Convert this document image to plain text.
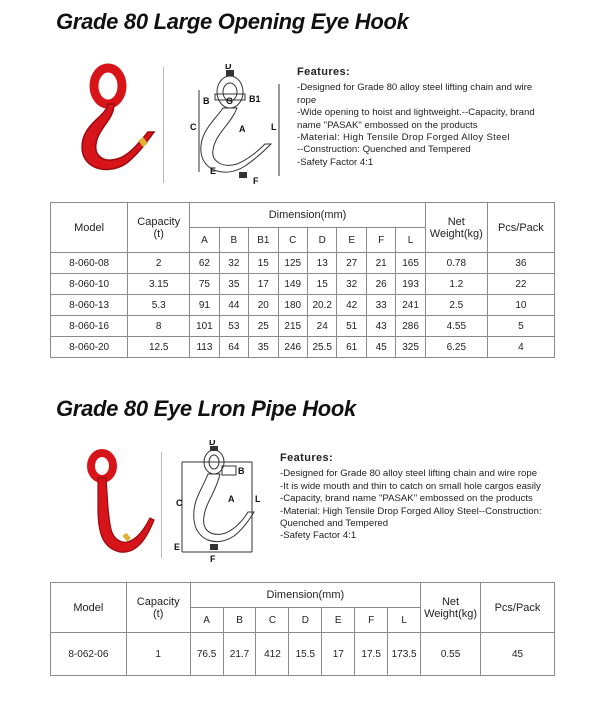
Grade 80 Large Opening Eye Hook
D
B G B1
C	A	L
E
F
Features:

-Designed for Grade 80 alloy steel lifting chain and wire

rope

-Wide opening to hoist and lightweight.--Capacity, brand

name "PASAK" embossed on the products

-Material: High Tensile Drop Forged Alloy Steel

--Construction: Quenched and Tempered

-Safety Factor 4:1

Model	Capacity
(t)	Dimension(mm)								Net
Weight(kg)	Pcs/Pack
		A	B	B1	C	D	E	F	L		
8-060-08	2	62	32	15	125	13	27	21	165	0.78	36
8-060-10	3.15	75	35	17	149	15	32	26	193	1.2	22
8-060-13	5.3	91	44	20	180	20.2	42	33	241	2.5	10
8-060-16	8	101	53	25	215	24	51	43	286	4.55	5
8-060-20	12.5	113	64	35	246	25.5	61	45	325	6.25	4
Grade 80 Eye Lron Pipe Hook
D
B
C	A L
E
F
Features:

-Designed for Grade 80 alloy steel lifting chain and wire rope

-It is wide mouth and thin to catch on small hole cargos easily

-Capacity, brand name "PASAK" embossed on the products

-Material: High Tensile Drop Forged Alloy Steel--Construction:

Quenched and Tempered

-Safety Factor 4:1

Model	Capacity
(t)	Dimension(mm)							Net
Weight(kg)	Pcs/Pack
		A	B	C	D	E	F	L		
8-062-06	1	76.5	21.7	412	15.5	17	17.5	173.5	0.55	45
